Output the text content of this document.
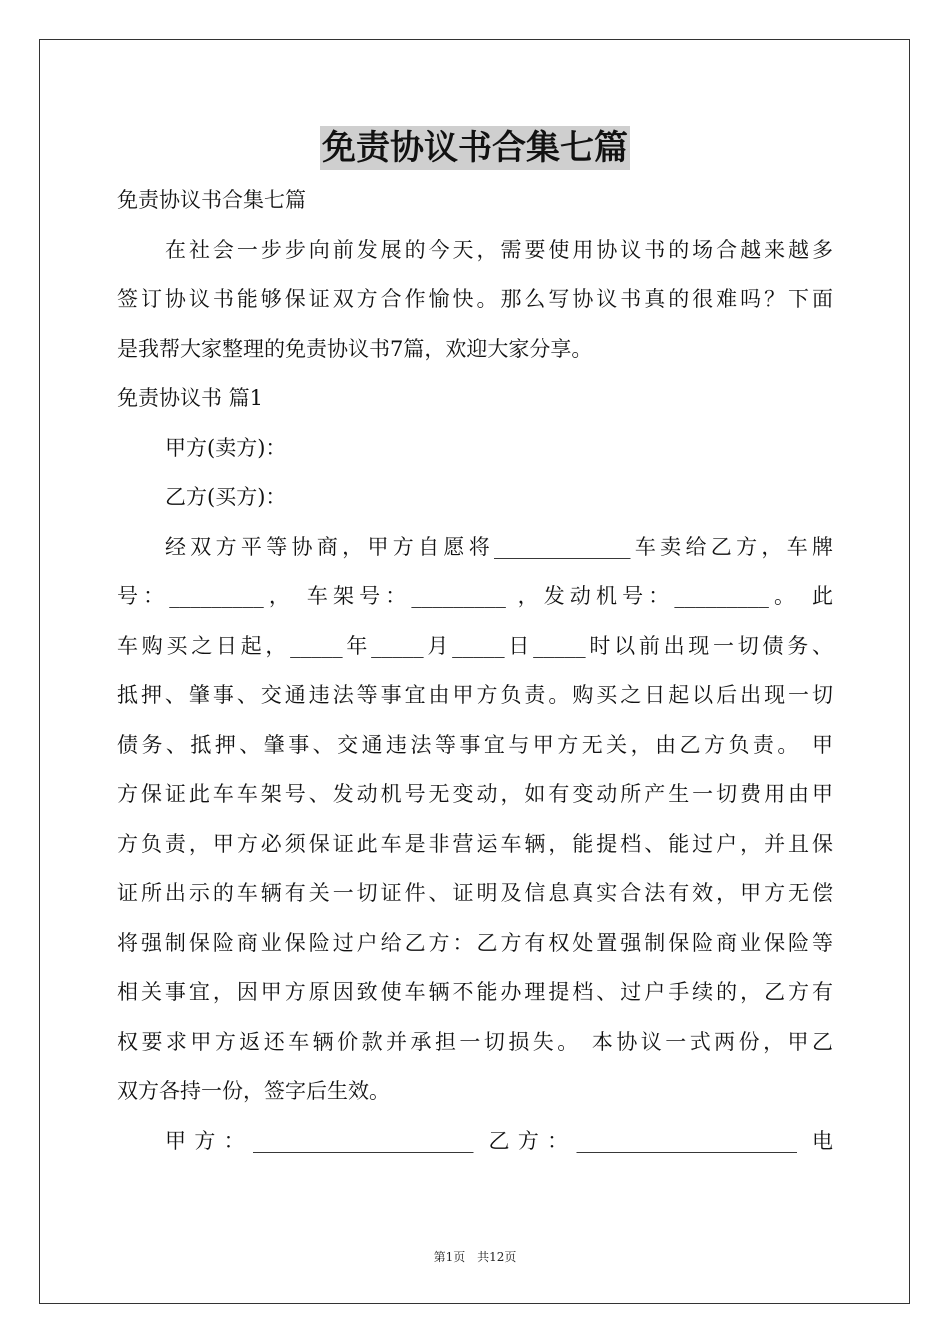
免责协议书合集七篇
免责协议书合集七篇
在社会一步步向前发展的今天，需要使用协议书的场合越来越多
签订协议书能够保证双方合作愉快。那么写协议书真的很难吗？下面
是我帮大家整理的免责协议书7篇，欢迎大家分享。
免责协议书 篇1
甲方(卖方)：
乙方(买方)：
经双方平等协商，甲方自愿将_____________车卖给乙方，车牌
号：_________， 车架号：_________ ，发动机号：_________。 此
车购买之日起，_____年_____月_____日_____时以前出现一切债务、
抵押、肇事、交通违法等事宜由甲方负责。购买之日起以后出现一切
债务、抵押、肇事、交通违法等事宜与甲方无关，由乙方负责。 甲
方保证此车车架号、发动机号无变动，如有变动所产生一切费用由甲
方负责，甲方必须保证此车是非营运车辆，能提档、能过户，并且保
证所出示的车辆有关一切证件、证明及信息真实合法有效，甲方无偿
将强制保险商业保险过户给乙方：乙方有权处置强制保险商业保险等
相关事宜，因甲方原因致使车辆不能办理提档、过户手续的，乙方有
权要求甲方返还车辆价款并承担一切损失。 本协议一式两份，甲乙
双方各持一份，签字后生效。
甲方：_____________________ 乙方：_____________________ 电
第1页 共12页
